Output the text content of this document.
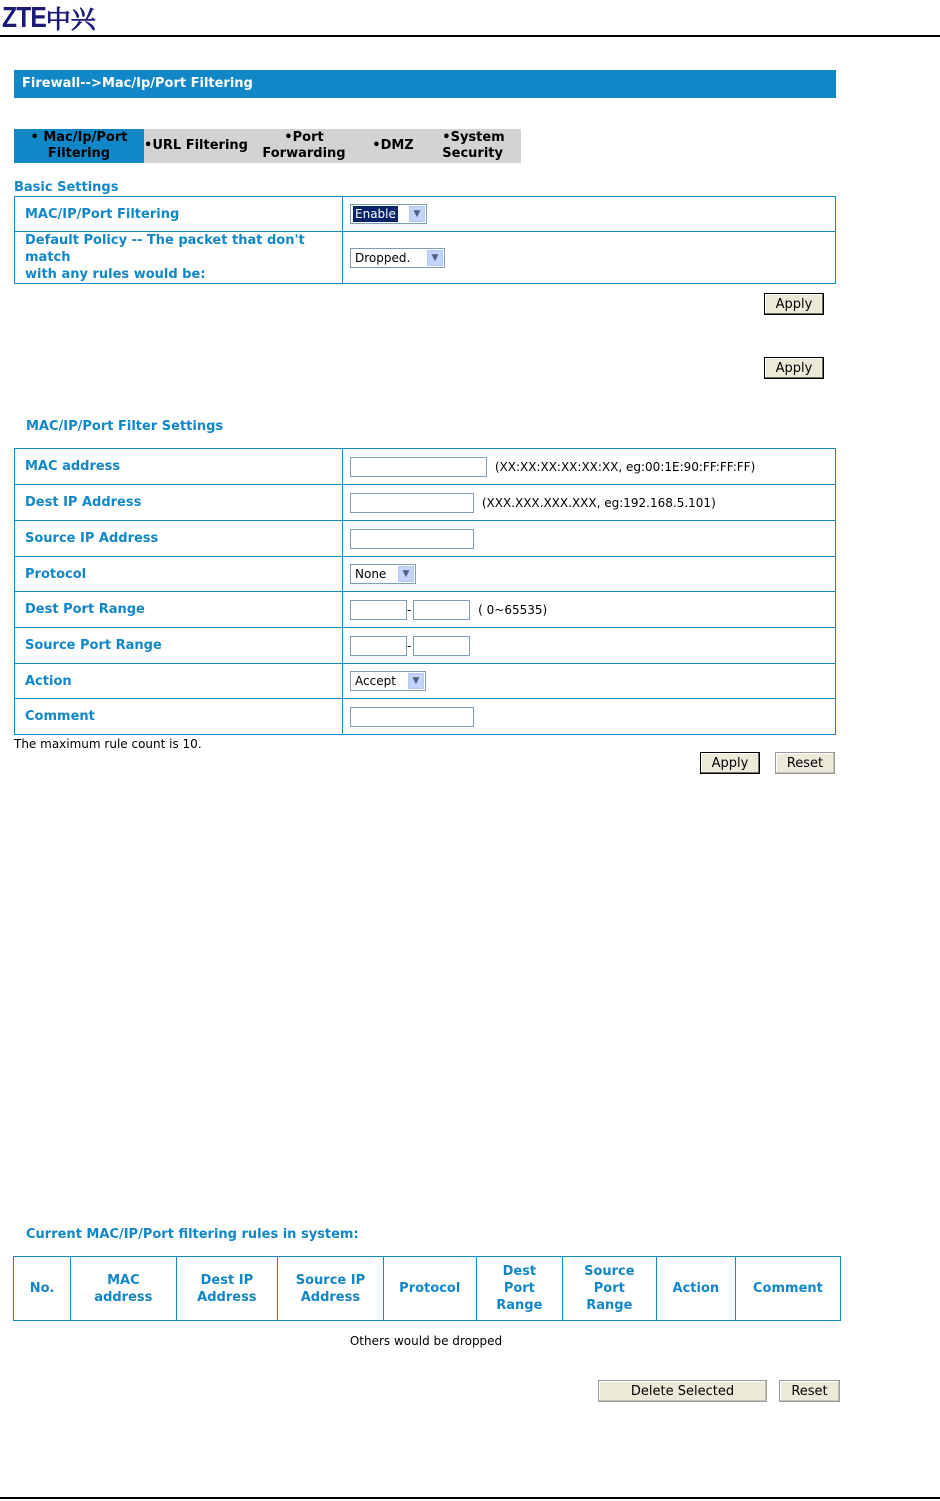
ZTE 中兴
Firewall-->Mac/Ip/Port Filtering
• Mac/Ip/Port
Filtering
•URL Filtering
•Port
Forwarding
•DMZ
•System
Security
Basic Settings
MAC/IP/Port Filtering	Enable ▼

Default Policy -- The packet that don't match
with any rules would be:	Dropped. ▼
Apply
Apply
MAC/IP/Port Filter Settings
MAC address	(XX:XX:XX:XX:XX:XX, eg:00:1E:90:FF:FF:FF)
Dest IP Address	(XXX.XXX.XXX.XXX, eg:192.168.5.101)
Source IP Address	
Protocol	None ▼

Dest Port Range	- ( 0~65535)
Source Port Range	-
Action	Accept ▼

Comment	
The maximum rule count is 10.
Apply	Reset
Current MAC/IP/Port filtering rules in system:
No.	MAC address	Dest IP Address	Source IP Address	Protocol	Dest Port Range	Source Port Range	Action	Comment
Others would be dropped
Delete Selected	Reset
